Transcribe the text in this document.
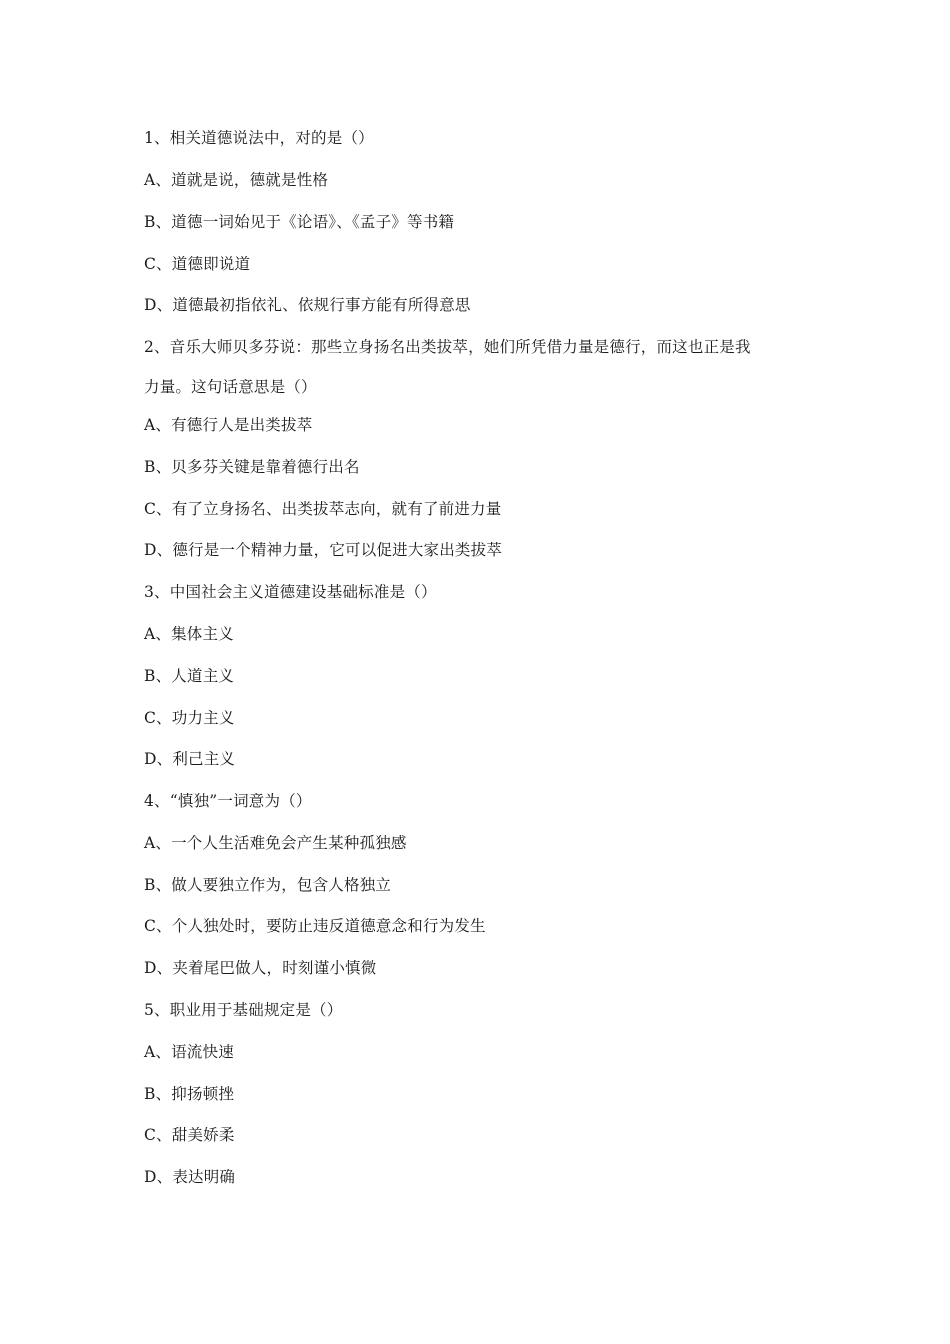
1、相关道德说法中，对的是（）
A、道就是说，德就是性格
B、道德一词始见于《论语》、《孟子》等书籍
C、道德即说道
D、道德最初指依礼、依规行事方能有所得意思
2、音乐大师贝多芬说：那些立身扬名出类拔萃，她们所凭借力量是德行，而这也正是我
力量。这句话意思是（）
A、有德行人是出类拔萃
B、贝多芬关键是靠着德行出名
C、有了立身扬名、出类拔萃志向，就有了前进力量
D、德行是一个精神力量，它可以促进大家出类拔萃
3、中国社会主义道德建设基础标准是（）
A、集体主义
B、人道主义
C、功力主义
D、利己主义
4、“慎独”一词意为（）
A、一个人生活难免会产生某种孤独感
B、做人要独立作为，包含人格独立
C、个人独处时，要防止违反道德意念和行为发生
D、夹着尾巴做人，时刻谨小慎微
5、职业用于基础规定是（）
A、语流快速
B、抑扬顿挫
C、甜美娇柔
D、表达明确
